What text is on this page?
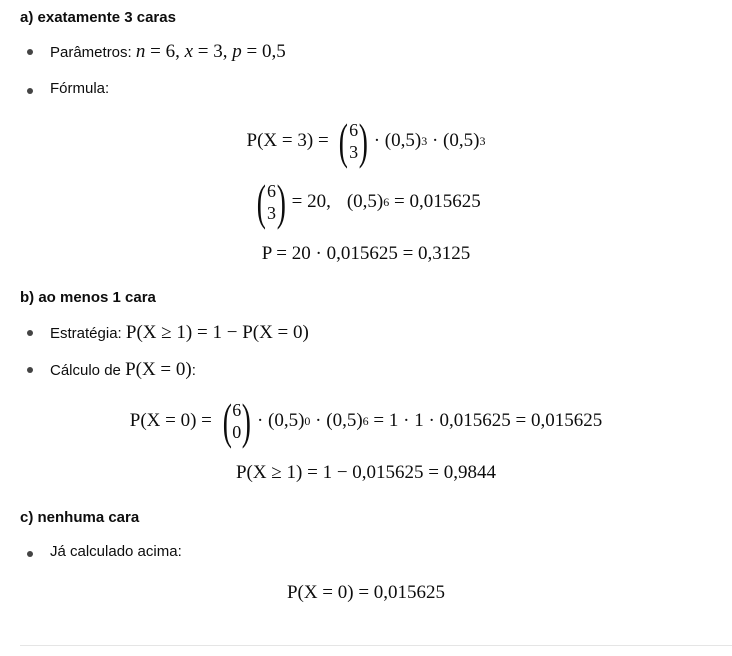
a) exatamente 3 caras
Parâmetros: n = 6, x = 3, p = 0,5
Fórmula:
P(X = 3) = ( 6
3 ) · (0,5) 3
· (0,5) 3
( 6
3 ) = 20, (0,5) 6
= 0,015625
P = 20 · 0,015625 = 0,3125
b) ao menos 1 cara
Estratégia: P(X ≥ 1) = 1 − P(X = 0)
Cálculo de P(X = 0):
P(X = 0) =
( 6
0 ) · (0,5) 0
· (0,5) 6
= 1 · 1 · 0,015625 = 0,015625
P(X ≥ 1) = 1 − 0,015625 = 0,9844
c) nenhuma cara
Já calculado acima:
P(X = 0) = 0,015625
